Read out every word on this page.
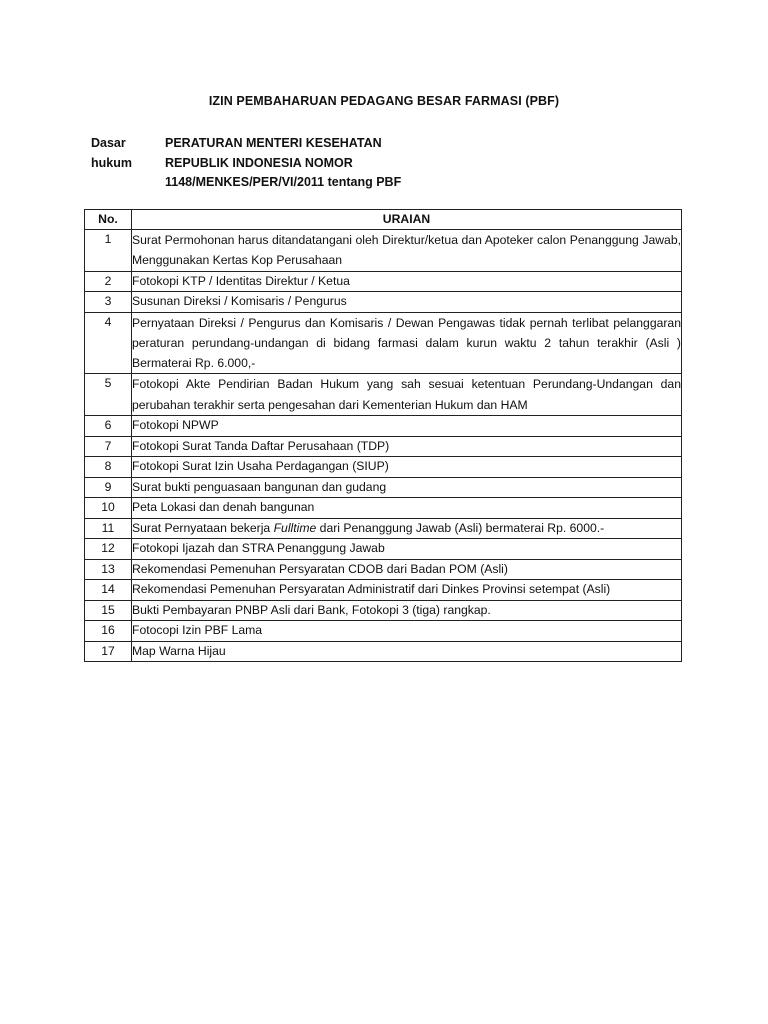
IZIN PEMBAHARUAN PEDAGANG BESAR FARMASI (PBF)
Dasar	PERATURAN MENTERI KESEHATAN
hukum	REPUBLIK INDONESIA NOMOR
1148/MENKES/PER/VI/2011 tentang PBF
No.	URAIAN
1	Surat Permohonan harus ditandatangani oleh Direktur/ketua dan Apoteker calon Penanggung Jawab, Menggunakan Kertas Kop Perusahaan
2	Fotokopi KTP / Identitas Direktur / Ketua
3	Susunan Direksi / Komisaris / Pengurus
4	Pernyataan Direksi / Pengurus dan Komisaris / Dewan Pengawas tidak pernah terlibat pelanggaran peraturan perundang-undangan di bidang farmasi dalam kurun waktu 2 tahun terakhir (Asli ) Bermaterai Rp. 6.000,-
5	Fotokopi Akte Pendirian Badan Hukum yang sah sesuai ketentuan Perundang-Undangan dan perubahan terakhir serta pengesahan dari Kementerian Hukum dan HAM
6	Fotokopi NPWP
7	Fotokopi Surat Tanda Daftar Perusahaan (TDP)
8	Fotokopi Surat Izin Usaha Perdagangan (SIUP)
9	Surat bukti penguasaan bangunan dan gudang
10	Peta Lokasi dan denah bangunan
11	Surat Pernyataan bekerja Fulltime dari Penanggung Jawab (Asli) bermaterai Rp. 6000.-
12	Fotokopi Ijazah dan STRA Penanggung Jawab
13	Rekomendasi Pemenuhan Persyaratan CDOB dari Badan POM (Asli)
14	Rekomendasi Pemenuhan Persyaratan Administratif dari Dinkes Provinsi setempat (Asli)
15	Bukti Pembayaran PNBP Asli dari Bank, Fotokopi 3 (tiga) rangkap.
16	Fotocopi Izin PBF Lama
17	Map Warna Hijau
